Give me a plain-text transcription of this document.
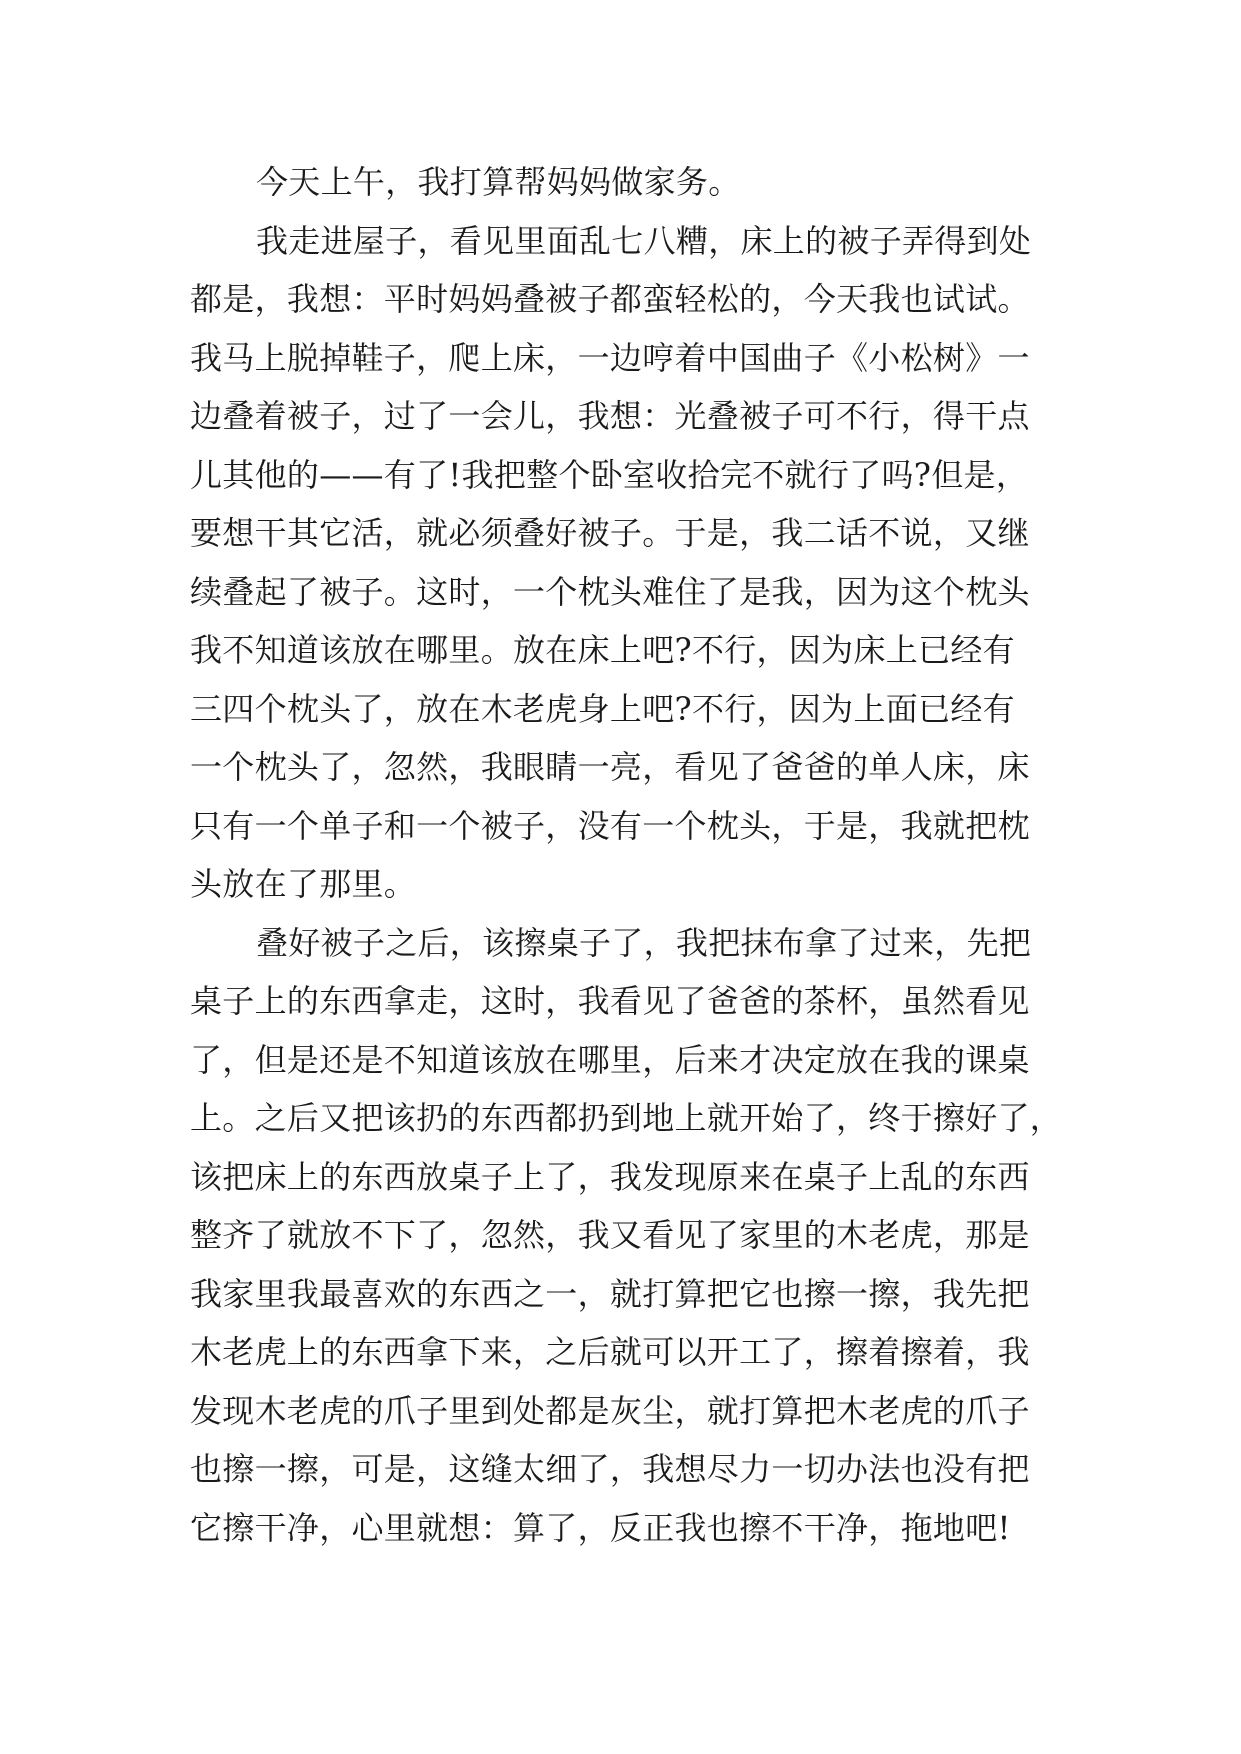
今天上午，我打算帮妈妈做家务。
我走进屋子，看见里面乱七八糟，床上的被子弄得到处
都是，我想：平时妈妈叠被子都蛮轻松的，今天我也试试。
我马上脱掉鞋子，爬上床，一边哼着中国曲子《小松树》一
边叠着被子，过了一会儿，我想：光叠被子可不行，得干点
儿其他的——有了!我把整个卧室收拾完不就行了吗?但是，
要想干其它活，就必须叠好被子。于是，我二话不说，又继
续叠起了被子。这时，一个枕头难住了是我，因为这个枕头
我不知道该放在哪里。放在床上吧?不行，因为床上已经有
三四个枕头了，放在木老虎身上吧?不行，因为上面已经有
一个枕头了，忽然，我眼睛一亮，看见了爸爸的单人床，床
只有一个单子和一个被子，没有一个枕头，于是，我就把枕
头放在了那里。
叠好被子之后，该擦桌子了，我把抹布拿了过来，先把
桌子上的东西拿走，这时，我看见了爸爸的茶杯，虽然看见
了，但是还是不知道该放在哪里，后来才决定放在我的课桌
上。之后又把该扔的东西都扔到地上就开始了，终于擦好了，
该把床上的东西放桌子上了，我发现原来在桌子上乱的东西
整齐了就放不下了，忽然，我又看见了家里的木老虎，那是
我家里我最喜欢的东西之一，就打算把它也擦一擦，我先把
木老虎上的东西拿下来，之后就可以开工了，擦着擦着，我
发现木老虎的爪子里到处都是灰尘，就打算把木老虎的爪子
也擦一擦，可是，这缝太细了，我想尽力一切办法也没有把
它擦干净，心里就想：算了，反正我也擦不干净，拖地吧!
